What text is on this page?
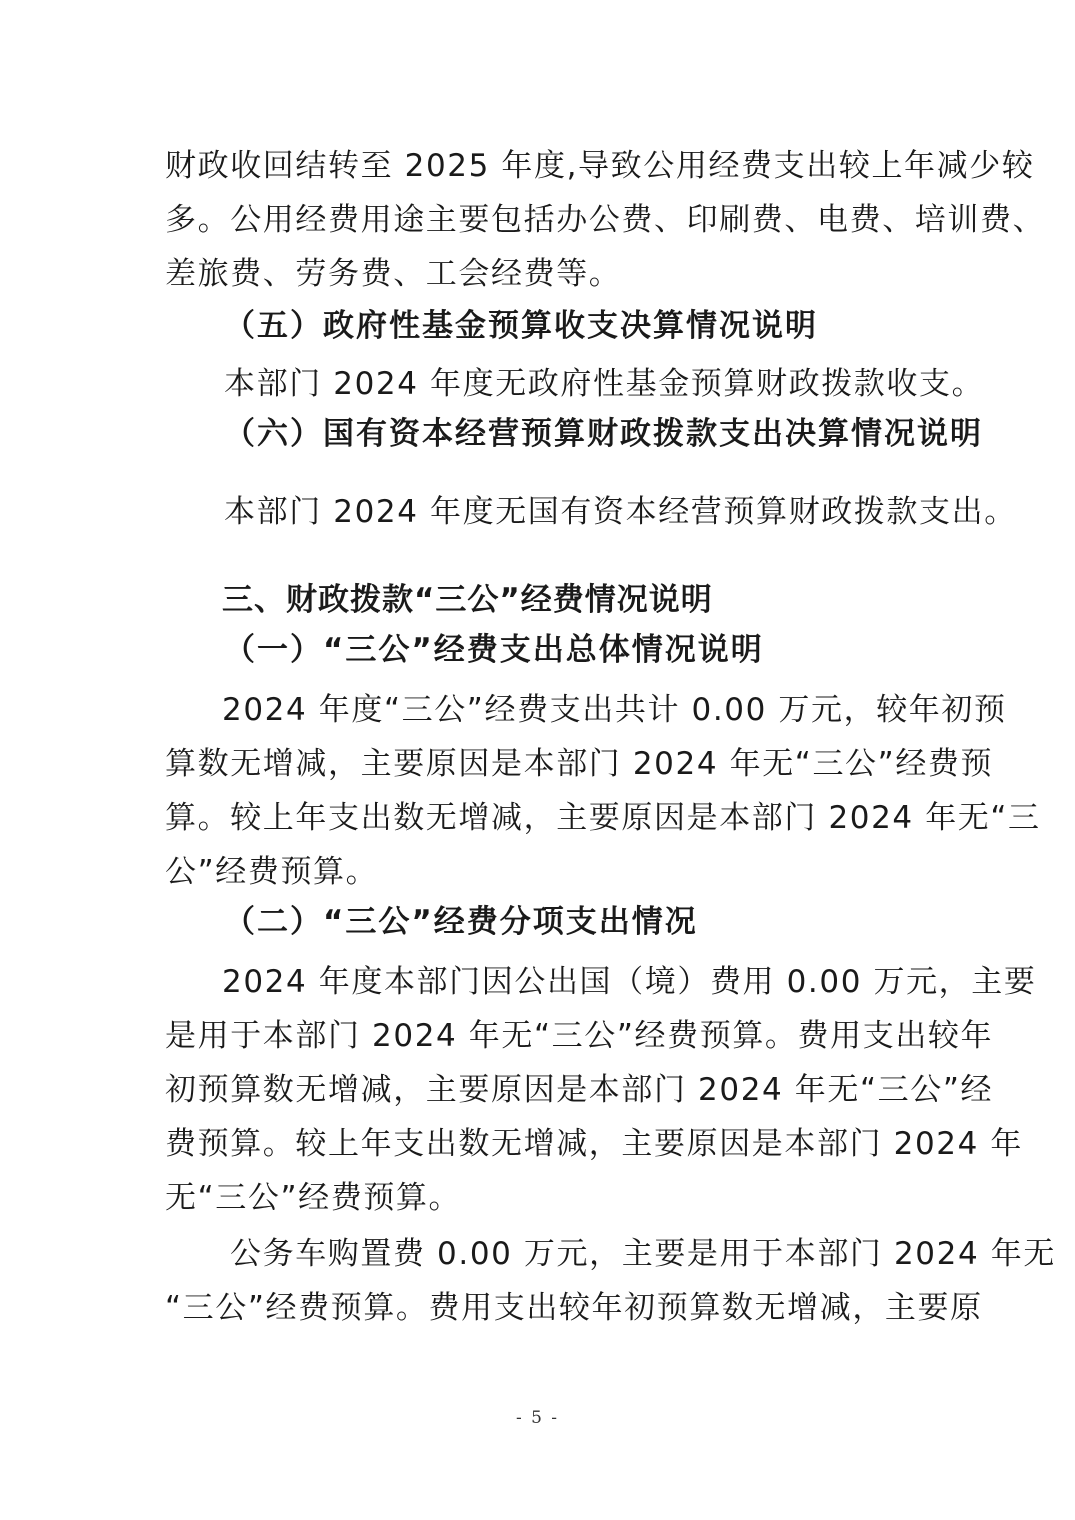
财政收回结转至 2025 年度,导致公用经费支出较上年减少较
多。公用经费用途主要包括办公费、印刷费、电费、培训费、
差旅费、劳务费、工会经费等。
（五）政府性基金预算收支决算情况说明
本部门 2024 年度无政府性基金预算财政拨款收支。
（六）国有资本经营预算财政拨款支出决算情况说明
本部门 2024 年度无国有资本经营预算财政拨款支出。
三、财政拨款“三公”经费情况说明
（一）“三公”经费支出总体情况说明
2024 年度“三公”经费支出共计 0.00 万元，较年初预
算数无增减，主要原因是本部门 2024 年无“三公”经费预
算。较上年支出数无增减，主要原因是本部门 2024 年无“三
公”经费预算。
（二）“三公”经费分项支出情况
2024 年度本部门因公出国（境）费用 0.00 万元，主要
是用于本部门 2024 年无“三公”经费预算。费用支出较年
初预算数无增减，主要原因是本部门 2024 年无“三公”经
费预算。较上年支出数无增减，主要原因是本部门 2024 年
无“三公”经费预算。
公务车购置费 0.00 万元，主要是用于本部门 2024 年无
“三公”经费预算。费用支出较年初预算数无增减，主要原
- 5 -
